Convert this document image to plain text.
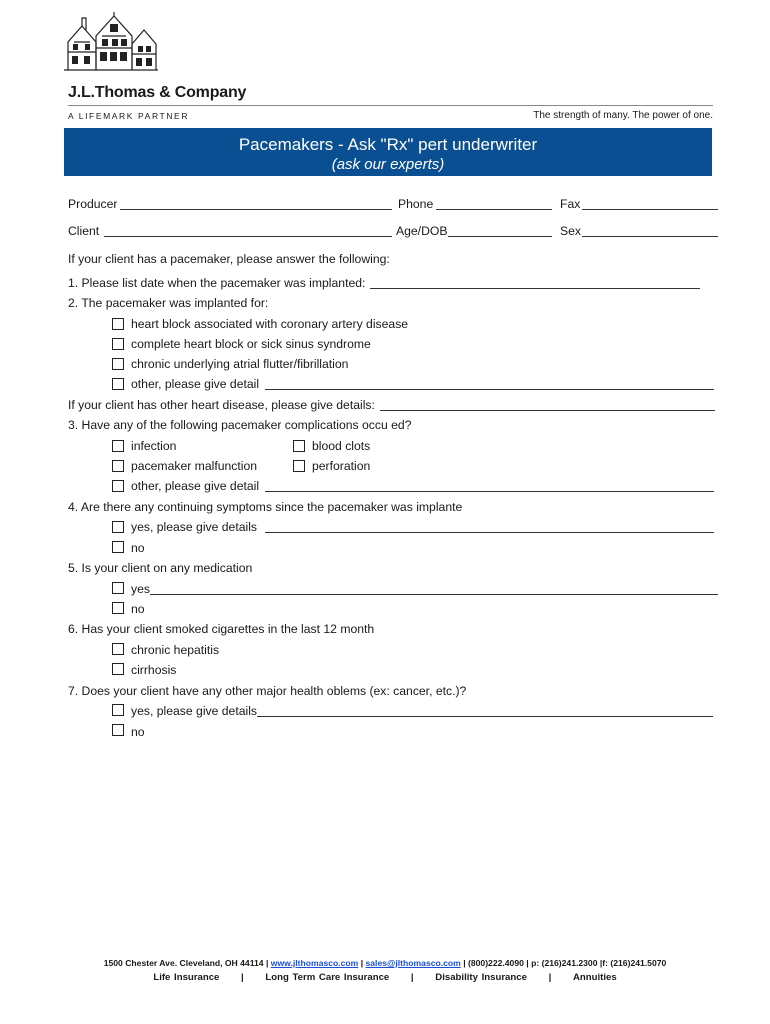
J.L.Thomas & Company
A LIFEMARK PARTNER	The strength of many. The power of one.
Pacemakers - Ask "Rx" pert underwriter
(ask our experts)
Producer	Phone	Fax
Client	Age/DOB	Sex
If your client has a pacemaker, please answer the following:
1. Please list date when the pacemaker was implanted:
2. The pacemaker was implanted for:
heart block associated with coronary artery disease
complete heart block or sick sinus syndrome
chronic underlying atrial flutter/fibrillation
other, please give detail
If your client has other heart disease, please give details:
3. Have any of the following pacemaker complications occu ed?
infection	blood clots
pacemaker malfunction	perforation
other, please give detail
4. Are there any continuing symptoms since the pacemaker was implante
yes, please give details
no
5. Is your client on any medication
yes
no
6. Has your client smoked cigarettes in the last 12 month
chronic hepatitis
cirrhosis
7. Does your client have any other major health oblems (ex: cancer, etc.)?
yes, please give details
no
1500 Chester Ave. Cleveland, OH 44114 | www.jlthomasco.com | sales@jlthomasco.com | (800)222.4090 | p: (216)241.2300 |f: (216)241.5070
Life Insurance | Long Term Care Insurance | Disability Insurance | Annuities
